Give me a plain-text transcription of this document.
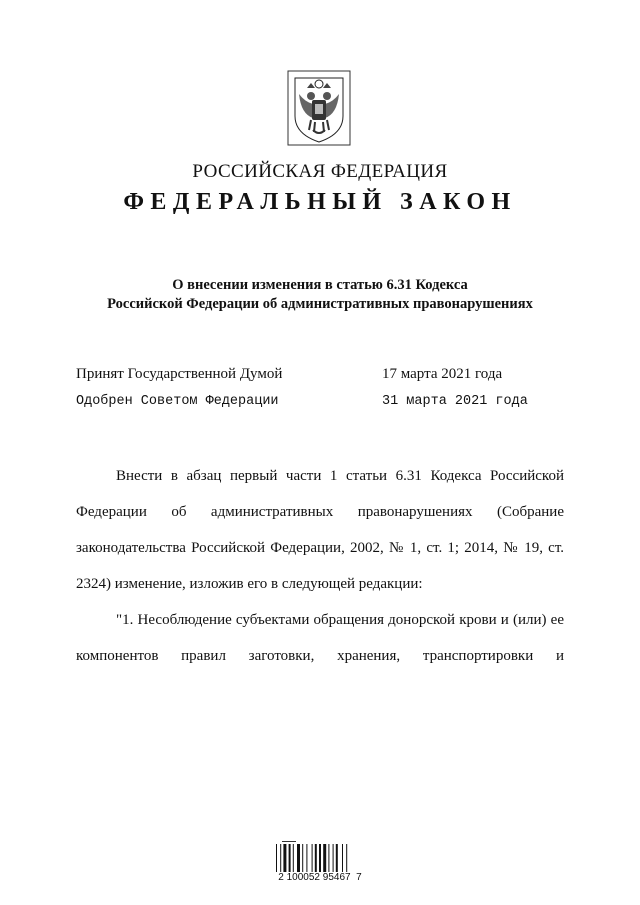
РОССИЙСКАЯ ФЕДЕРАЦИЯ
ФЕДЕРАЛЬНЫЙ ЗАКОН
О внесении изменения в статью 6.31 Кодекса
Российской Федерации об административных правонарушениях
Принят Государственной Думой	17 марта 2021 года
Одобрен Советом Федерации	31 марта 2021 года

Внести в абзац первый части 1 статьи 6.31 Кодекса Российской Федерации об административных правонарушениях (Собрание законодательства Российской Федерации, 2002, № 1, ст. 1; 2014, № 19, ст. 2324) изменение, изложив его в следующей редакции:

"1. Несоблюдение субъектами обращения донорской крови и (или) ее компонентов правил заготовки, хранения, транспортировки и

2 100052 95467  7
